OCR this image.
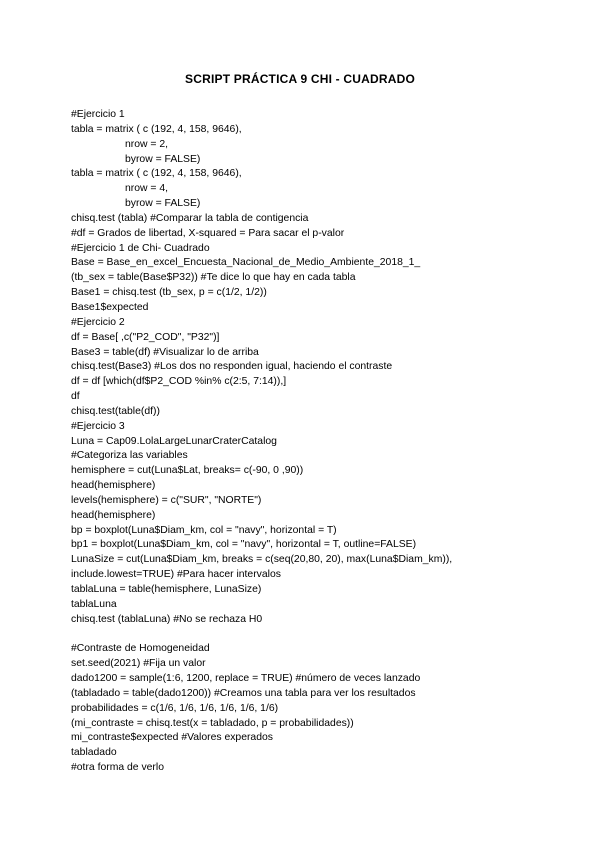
SCRIPT PRÁCTICA 9 CHI - CUADRADO
#Ejercicio 1
tabla = matrix ( c (192, 4, 158, 9646),
nrow = 2,
byrow = FALSE)
tabla = matrix ( c (192, 4, 158, 9646),
nrow = 4,
byrow = FALSE)
chisq.test (tabla) #Comparar la tabla de contigencia
#df = Grados de libertad, X-squared = Para sacar el p-valor
#Ejercicio 1 de Chi- Cuadrado
Base = Base_en_excel_Encuesta_Nacional_de_Medio_Ambiente_2018_1_
(tb_sex = table(Base$P32)) #Te dice lo que hay en cada tabla
Base1 = chisq.test (tb_sex, p = c(1/2, 1/2))
Base1$expected
#Ejercicio 2
df = Base[ ,c("P2_COD", "P32")]
Base3 = table(df) #Visualizar lo de arriba
chisq.test(Base3) #Los dos no responden igual, haciendo el contraste
df = df [which(df$P2_COD %in% c(2:5, 7:14)),]
df
chisq.test(table(df))
#Ejercicio 3
Luna = Cap09.LolaLargeLunarCraterCatalog
#Categoriza las variables
hemisphere = cut(Luna$Lat, breaks= c(-90, 0 ,90))
head(hemisphere)
levels(hemisphere) = c("SUR", "NORTE")
head(hemisphere)
bp = boxplot(Luna$Diam_km, col = "navy", horizontal = T)
bp1 = boxplot(Luna$Diam_km, col = "navy", horizontal = T, outline=FALSE)
LunaSize = cut(Luna$Diam_km, breaks = c(seq(20,80, 20), max(Luna$Diam_km)),
include.lowest=TRUE) #Para hacer intervalos
tablaLuna = table(hemisphere, LunaSize)
tablaLuna
chisq.test (tablaLuna) #No se rechaza H0
#Contraste de Homogeneidad
set.seed(2021) #Fija un valor
dado1200 = sample(1:6, 1200, replace = TRUE) #número de veces lanzado
(tabladado = table(dado1200)) #Creamos una tabla para ver los resultados
probabilidades = c(1/6, 1/6, 1/6, 1/6, 1/6, 1/6)
(mi_contraste = chisq.test(x = tabladado, p = probabilidades))
mi_contraste$expected #Valores experados
tabladado
#otra forma de verlo
